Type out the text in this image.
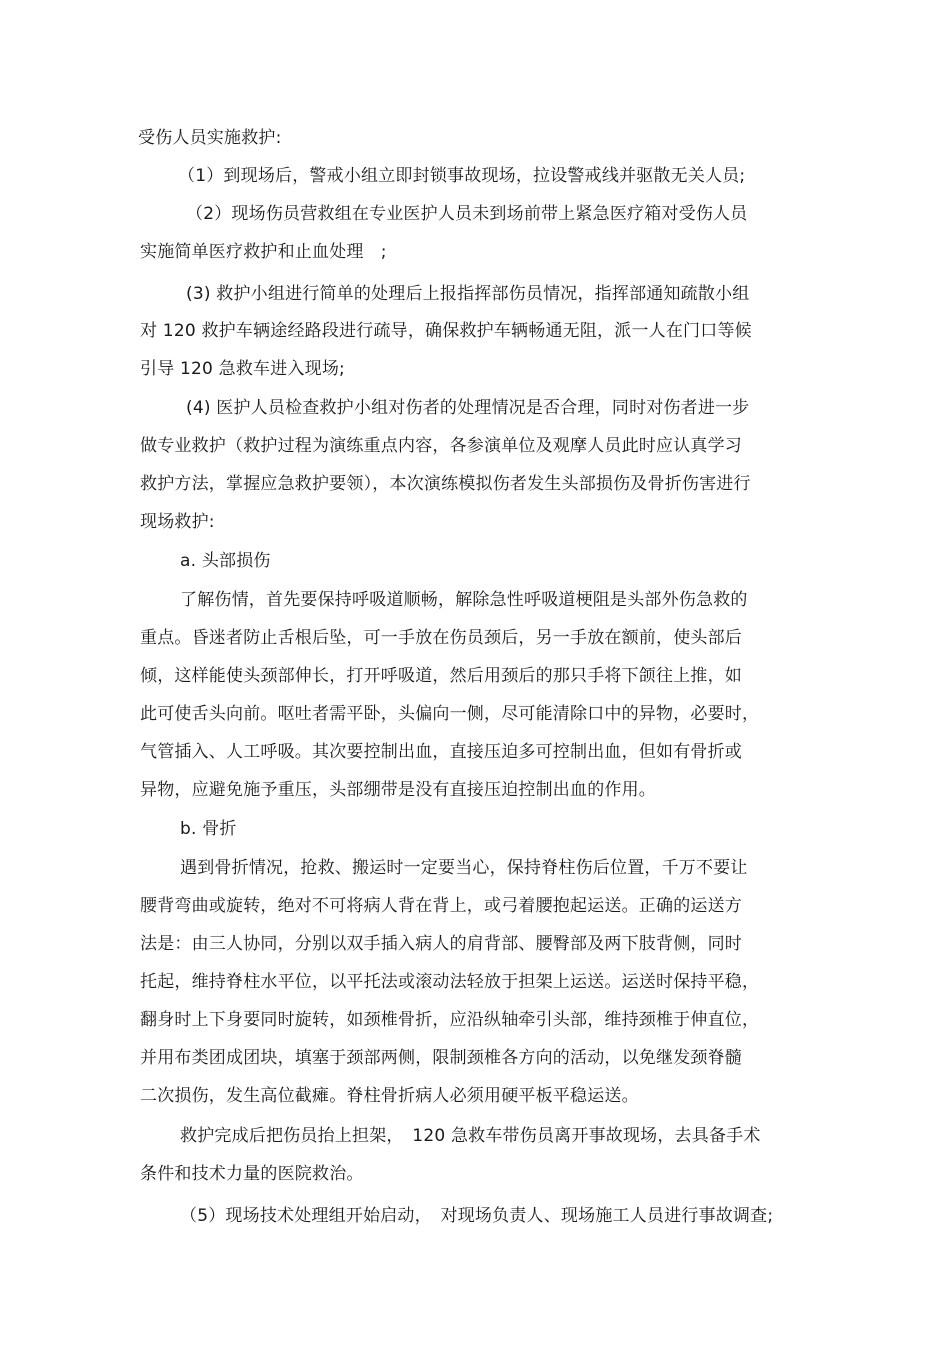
受伤人员实施救护:
（1）到现场后，警戒小组立即封锁事故现场，拉设警戒线并驱散无关人员;
（2）现场伤员营救组在专业医护人员未到场前带上紧急医疗箱对受伤人员
实施简单医疗救护和止血处理　;
(3) 救护小组进行简单的处理后上报指挥部伤员情况，指挥部通知疏散小组
对 120 救护车辆途经路段进行疏导，确保救护车辆畅通无阻，派一人在门口等候
引导 120 急救车进入现场;
(4) 医护人员检查救护小组对伤者的处理情况是否合理，同时对伤者进一步
做专业救护（救护过程为演练重点内容，各参演单位及观摩人员此时应认真学习
救护方法，掌握应急救护要领），本次演练模拟伤者发生头部损伤及骨折伤害进行
现场救护:
a. 头部损伤
了解伤情，首先要保持呼吸道顺畅，解除急性呼吸道梗阻是头部外伤急救的
重点。昏迷者防止舌根后坠，可一手放在伤员颈后，另一手放在额前，使头部后
倾，这样能使头颈部伸长，打开呼吸道，然后用颈后的那只手将下颌往上推，如
此可使舌头向前。呕吐者需平卧，头偏向一侧，尽可能清除口中的异物，必要时，
气管插入、人工呼吸。其次要控制出血，直接压迫多可控制出血，但如有骨折或
异物，应避免施予重压，头部绷带是没有直接压迫控制出血的作用。
b. 骨折
遇到骨折情况，抢救、搬运时一定要当心，保持脊柱伤后位置，千万不要让
腰背弯曲或旋转，绝对不可将病人背在背上，或弓着腰抱起运送。正确的运送方
法是：由三人协同，分别以双手插入病人的肩背部、腰臀部及两下肢背侧，同时
托起，维持脊柱水平位，以平托法或滚动法轻放于担架上运送。运送时保持平稳，
翻身时上下身要同时旋转，如颈椎骨折，应沿纵轴牵引头部，维持颈椎于伸直位，
并用布类团成团块，填塞于颈部两侧，限制颈椎各方向的活动，以免继发颈脊髓
二次损伤，发生高位截瘫。脊柱骨折病人必须用硬平板平稳运送。
救护完成后把伤员抬上担架，　120 急救车带伤员离开事故现场，去具备手术
条件和技术力量的医院救治。
（5）现场技术处理组开始启动，　对现场负责人、现场施工人员进行事故调查;
